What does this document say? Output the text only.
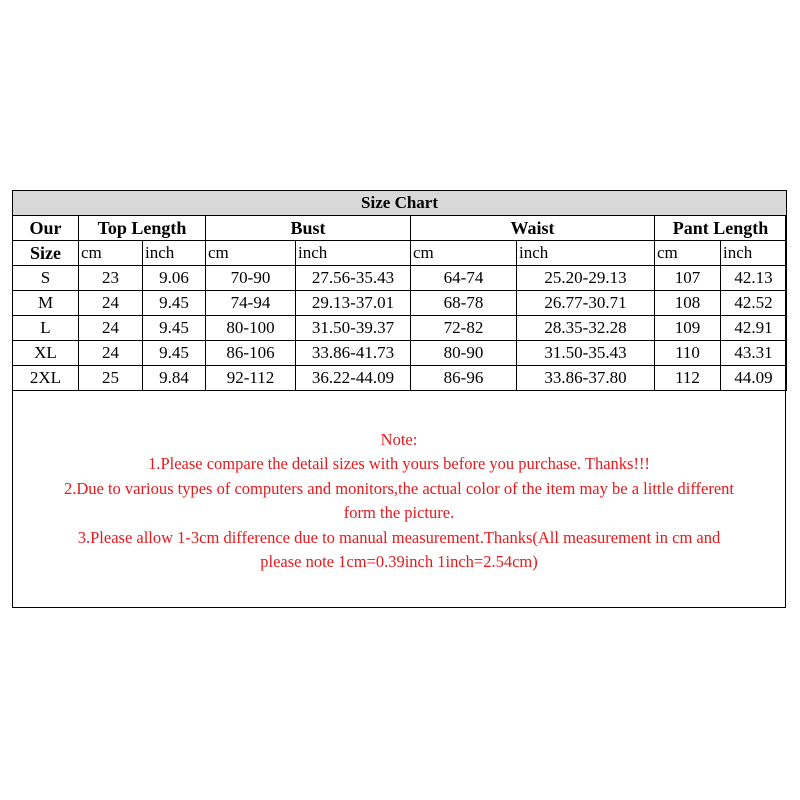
Size Chart								
Our	Top Length		Bust		Waist		Pant Length	
Size	cm	inch	cm	inch	cm	inch	cm	inch
S	23	9.06	70-90	27.56-35.43	64-74	25.20-29.13	107	42.13
M	24	9.45	74-94	29.13-37.01	68-78	26.77-30.71	108	42.52
L	24	9.45	80-100	31.50-39.37	72-82	28.35-32.28	109	42.91
XL	24	9.45	86-106	33.86-41.73	80-90	31.50-35.43	110	43.31
2XL	25	9.84	92-112	36.22-44.09	86-96	33.86-37.80	112	44.09
Note:
1.Please compare the detail sizes with yours before you purchase. Thanks!!!
2.Due to various types of computers and monitors,the actual color of the item may be a little different
form the picture.
3.Please allow 1-3cm difference due to manual measurement.Thanks(All measurement in cm and
please note 1cm=0.39inch 1inch=2.54cm)
